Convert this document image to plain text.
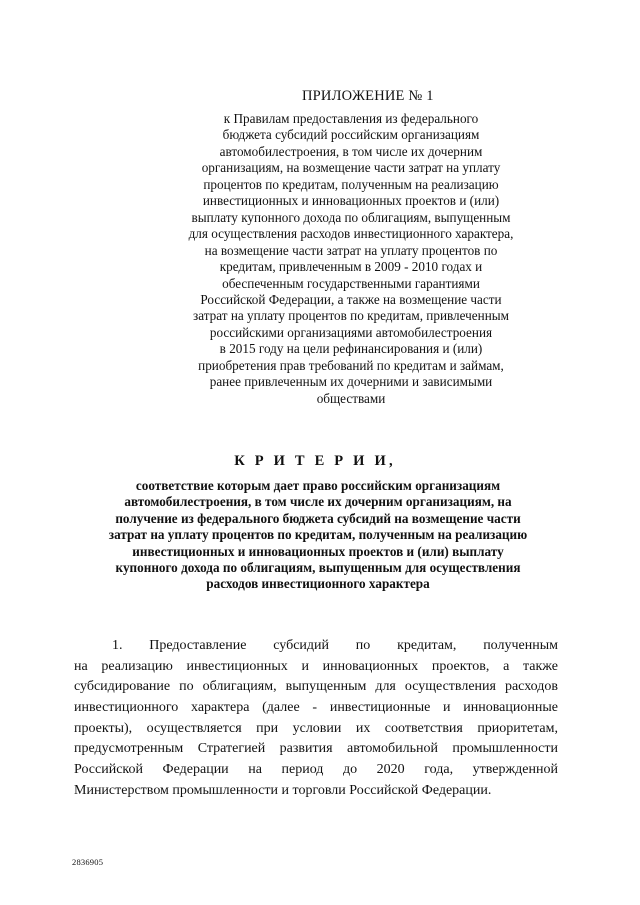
ПРИЛОЖЕНИЕ № 1
к Правилам предоставления из федерального
бюджета субсидий российским организациям
автомобилестроения, в том числе их дочерним
организациям, на возмещение части затрат на уплату
процентов по кредитам, полученным на реализацию
инвестиционных и инновационных проектов и (или)
выплату купонного дохода по облигациям, выпущенным
для осуществления расходов инвестиционного характера,
на возмещение части затрат на уплату процентов по
кредитам, привлеченным в 2009 - 2010 годах и
обеспеченным государственными гарантиями
Российской Федерации, а также на возмещение части
затрат на уплату процентов по кредитам, привлеченным
российскими организациями автомобилестроения
в 2015 году на цели рефинансирования и (или)
приобретения прав требований по кредитам и займам,
ранее привлеченным их дочерними и зависимыми
обществами
К Р И Т Е Р И И,
соответствие которым дает право российским организациям
автомобилестроения, в том числе их дочерним организациям, на
получение из федерального бюджета субсидий на возмещение части
затрат на уплату процентов по кредитам, полученным на реализацию
инвестиционных и инновационных проектов и (или) выплату
купонного дохода по облигациям, выпущенным для осуществления
расходов инвестиционного характера
1. Предоставление субсидий по кредитам, полученным
на реализацию инвестиционных и инновационных проектов, а также
субсидирование по облигациям, выпущенным для осуществления расходов
инвестиционного характера (далее - инвестиционные и инновационные
проекты), осуществляется при условии их соответствия приоритетам,
предусмотренным Стратегией развития автомобильной промышленности
Российской Федерации на период до 2020 года, утвержденной
Министерством промышленности и торговли Российской Федерации.
2836905
